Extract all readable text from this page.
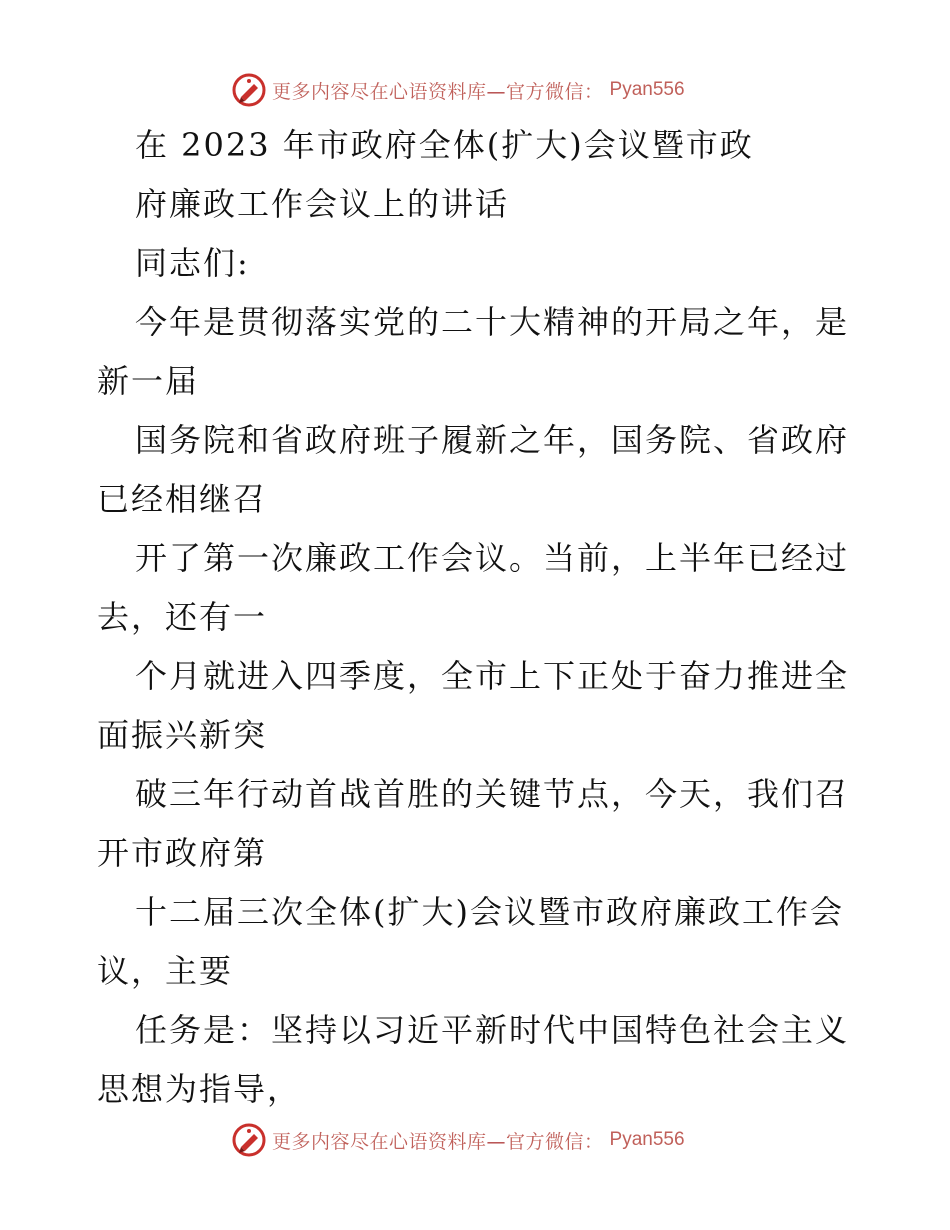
更多内容尽在心语资料库—官方微信： Pyan556
在 2023 年市政府全体(扩大)会议暨市政
府廉政工作会议上的讲话
同志们:
今年是贯彻落实党的二十大精神的开局之年，是
新一届
国务院和省政府班子履新之年，国务院、省政府
已经相继召
开了第一次廉政工作会议。当前，上半年已经过
去，还有一
个月就进入四季度，全市上下正处于奋力推进全
面振兴新突
破三年行动首战首胜的关键节点，今天，我们召
开市政府第
十二届三次全体(扩大)会议暨市政府廉政工作会
议，主要
任务是：坚持以习近平新时代中国特色社会主义
思想为指导，
更多内容尽在心语资料库—官方微信： Pyan556
